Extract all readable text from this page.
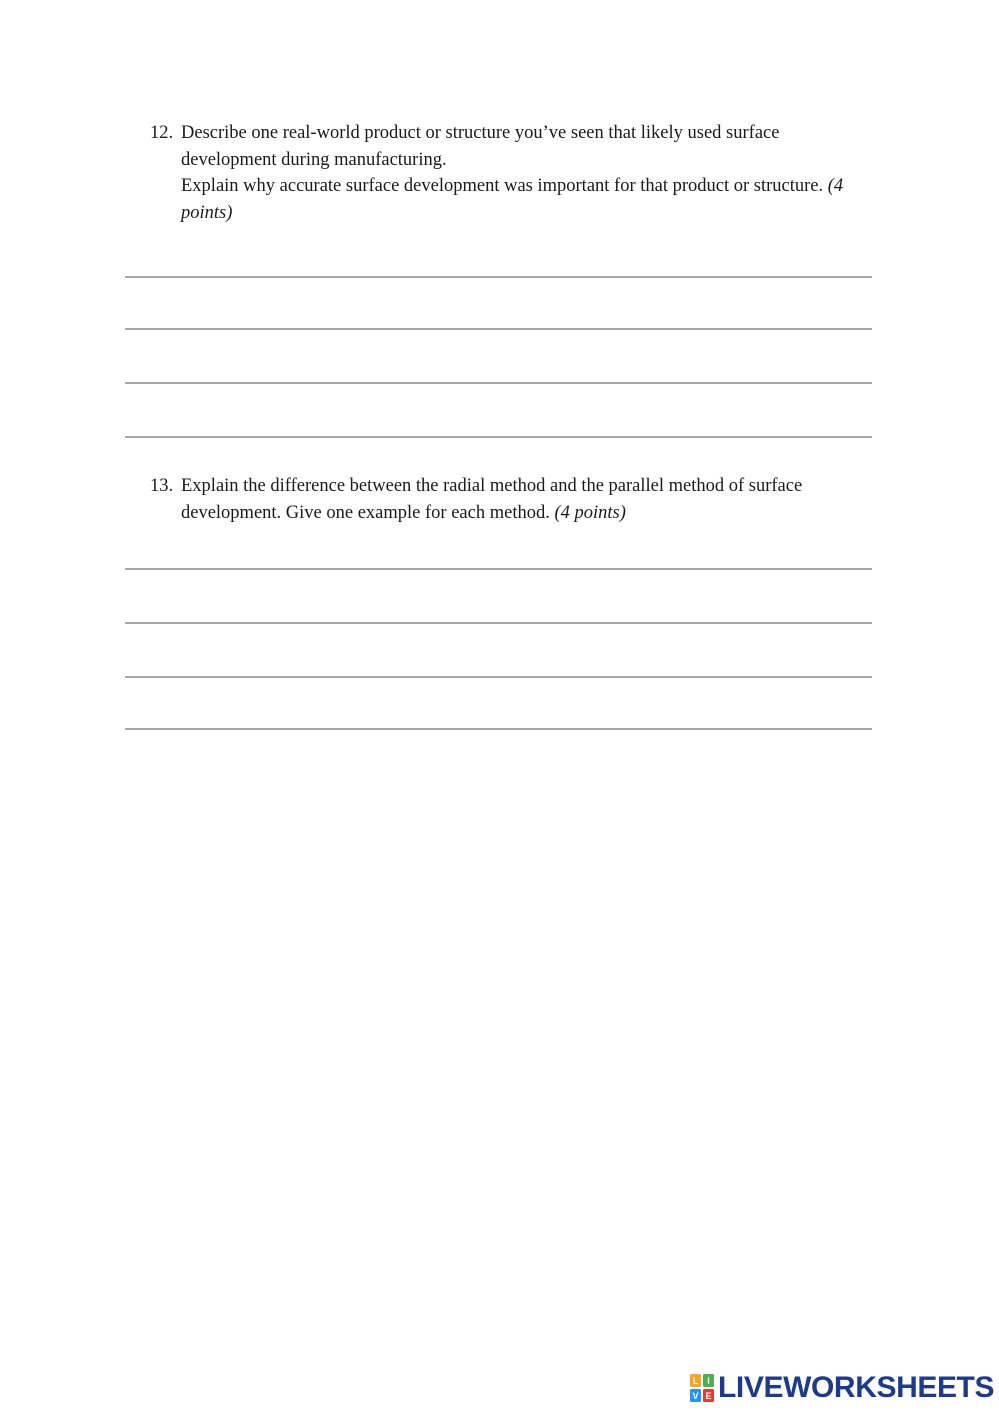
12. Describe one real-world product or structure you’ve seen that likely used surface development during manufacturing.

Explain why accurate surface development was important for that product or structure. (4 points)

13. Explain the difference between the radial method and the parallel method of surface development. Give one example for each method. (4 points)

L I
V E LIVEWORKSHEETS
